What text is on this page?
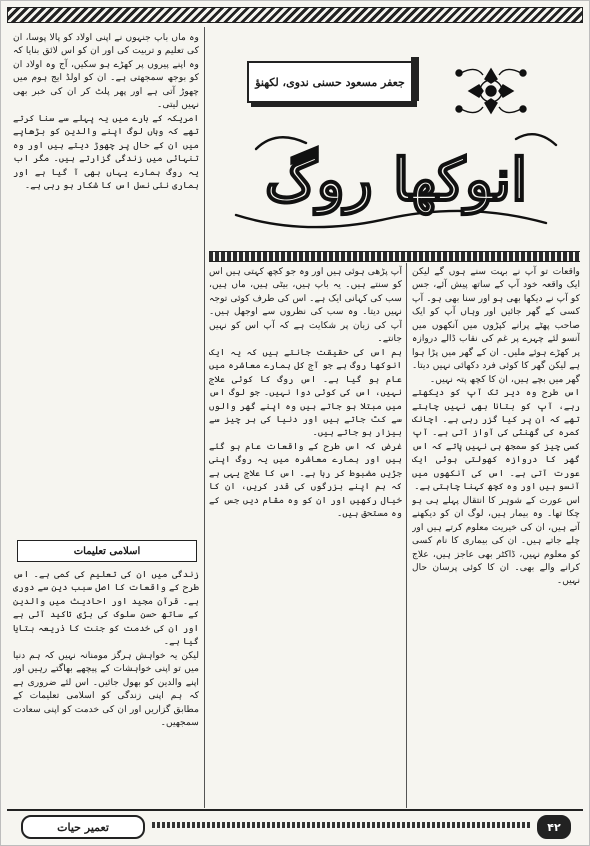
جعفر مسعود حسنی ندوی، لکھنؤ
انوکھا روگ

واقعات تو آپ نے بہت سنے ہوں گے لیکن ایک واقعہ خود آپ کے ساتھ پیش آئے، جس کو آپ نے دیکھا بھی ہو اور سنا بھی ہو۔ آپ کسی کے گھر جائیں اور وہاں آپ کو ایک صاحب پھٹے پرانے کپڑوں میں آنکھوں میں آنسو لئے چہرے پر غم کی نقاب ڈالے دروازہ پر کھڑے ہوئے ملیں۔ ان کے گھر میں پڑا ہوا ہے لیکن گھر کا کوئی فرد دکھائی نہیں دیتا۔ گھر میں بچے ہیں، ان کا کچھ پتہ نہیں۔

اس طرح وہ دیر تک آپ کو دیکھتے رہے، آپ کو بتانا بھی نہیں چاہتے تھے کہ ان پر کیا گزر رہی ہے۔ اچانک کمرہ کی گھنٹی کی آواز آتی ہے۔ آپ کسی چیز کو سمجھ ہی نہیں پاتے کہ اس گھر کا دروازہ کھولتی ہوئی ایک عورت آتی ہے۔ اس کی آنکھوں میں آنسو ہیں اور وہ کچھ کہنا چاہتی ہے۔

اس عورت کے شوہر کا انتقال پہلے ہی ہو چکا تھا۔ وہ بیمار ہیں، لوگ ان کو دیکھنے آتے ہیں، ان کی خیریت معلوم کرتے ہیں اور چلے جاتے ہیں۔ ان کی بیماری کا نام کسی کو معلوم نہیں، ڈاکٹر بھی عاجز ہیں، علاج کرانے والے بھی۔ ان کا کوئی پرسان حال نہیں۔

آپ پڑھی ہوئی ہیں اور وہ جو کچھ کہتی ہیں اس کو سنتے ہیں۔ یہ باپ ہیں، بیٹی ہیں، ماں ہیں، سب کی کہانی ایک ہے۔ اس کی طرف کوئی توجہ نہیں دیتا۔ وہ سب کی نظروں سے اوجھل ہیں۔ آپ کی زبان پر شکایت ہے کہ آپ اس کو نہیں جانتے۔

ہم اس کی حقیقت جانتے ہیں کہ یہ ایک انوکھا روگ ہے جو آج کل ہمارے معاشرہ میں عام ہو گیا ہے۔ اس روگ کا کوئی علاج نہیں، اس کی کوئی دوا نہیں۔ جو لوگ اس میں مبتلا ہو جاتے ہیں وہ اپنے گھر والوں سے کٹ جاتے ہیں اور دنیا کی ہر چیز سے بیزار ہو جاتے ہیں۔

غرض کہ اس طرح کے واقعات عام ہو گئے ہیں اور ہمارے معاشرہ میں یہ روگ اپنی جڑیں مضبوط کر رہا ہے۔ اس کا علاج یہی ہے کہ ہم اپنے بزرگوں کی قدر کریں، ان کا خیال رکھیں اور ان کو وہ مقام دیں جس کے وہ مستحق ہیں۔

وہ ماں باپ جنہوں نے اپنی اولاد کو پالا پوسا، ان کی تعلیم و تربیت کی اور ان کو اس لائق بنایا کہ وہ اپنے پیروں پر کھڑے ہو سکیں، آج وہ اولاد ان کو بوجھ سمجھتی ہے۔ ان کو اولڈ ایج ہوم میں چھوڑ آتی ہے اور پھر پلٹ کر ان کی خبر بھی نہیں لیتی۔

امریکہ کے بارے میں یہ پہلے سے سنا کرتے تھے کہ وہاں لوگ اپنے والدین کو بڑھاپے میں ان کے حال پر چھوڑ دیتے ہیں اور وہ تنہائی میں زندگی گزارتے ہیں۔ مگر اب یہ روگ ہمارے یہاں بھی آ گیا ہے اور ہماری نئی نسل اس کا شکار ہو رہی ہے۔

اسلامی تعلیمات

زندگی میں ان کی تعلیم کی کمی ہے۔ اس طرح کے واقعات کا اصل سبب دین سے دوری ہے۔ قرآن مجید اور احادیث میں والدین کے ساتھ حسن سلوک کی بڑی تاکید آئی ہے اور ان کی خدمت کو جنت کا ذریعہ بتایا گیا ہے۔

لیکن یہ خواہش ہرگز مومنانہ نہیں کہ ہم دنیا میں تو اپنی خواہشات کے پیچھے بھاگتے رہیں اور اپنے والدین کو بھول جائیں۔ اس لئے ضروری ہے کہ ہم اپنی زندگی کو اسلامی تعلیمات کے مطابق گزاریں اور ان کی خدمت کو اپنی سعادت سمجھیں۔

تعمیر حیات	۴۲
